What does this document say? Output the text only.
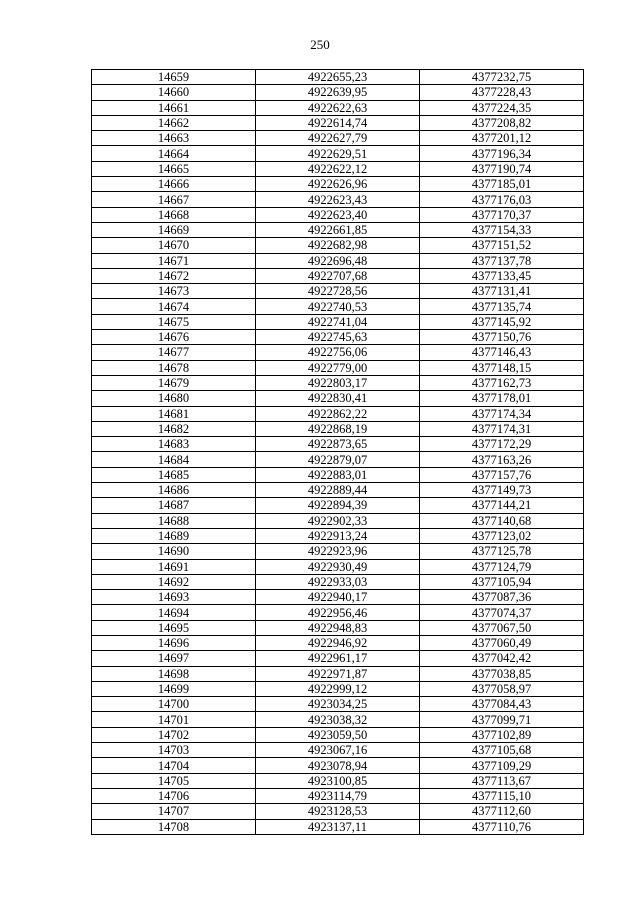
250
14659	4922655,23	4377232,75
14660	4922639,95	4377228,43
14661	4922622,63	4377224,35
14662	4922614,74	4377208,82
14663	4922627,79	4377201,12
14664	4922629,51	4377196,34
14665	4922622,12	4377190,74
14666	4922626,96	4377185,01
14667	4922623,43	4377176,03
14668	4922623,40	4377170,37
14669	4922661,85	4377154,33
14670	4922682,98	4377151,52
14671	4922696,48	4377137,78
14672	4922707,68	4377133,45
14673	4922728,56	4377131,41
14674	4922740,53	4377135,74
14675	4922741,04	4377145,92
14676	4922745,63	4377150,76
14677	4922756,06	4377146,43
14678	4922779,00	4377148,15
14679	4922803,17	4377162,73
14680	4922830,41	4377178,01
14681	4922862,22	4377174,34
14682	4922868,19	4377174,31
14683	4922873,65	4377172,29
14684	4922879,07	4377163,26
14685	4922883,01	4377157,76
14686	4922889,44	4377149,73
14687	4922894,39	4377144,21
14688	4922902,33	4377140,68
14689	4922913,24	4377123,02
14690	4922923,96	4377125,78
14691	4922930,49	4377124,79
14692	4922933,03	4377105,94
14693	4922940,17	4377087,36
14694	4922956,46	4377074,37
14695	4922948,83	4377067,50
14696	4922946,92	4377060,49
14697	4922961,17	4377042,42
14698	4922971,87	4377038,85
14699	4922999,12	4377058,97
14700	4923034,25	4377084,43
14701	4923038,32	4377099,71
14702	4923059,50	4377102,89
14703	4923067,16	4377105,68
14704	4923078,94	4377109,29
14705	4923100,85	4377113,67
14706	4923114,79	4377115,10
14707	4923128,53	4377112,60
14708	4923137,11	4377110,76
